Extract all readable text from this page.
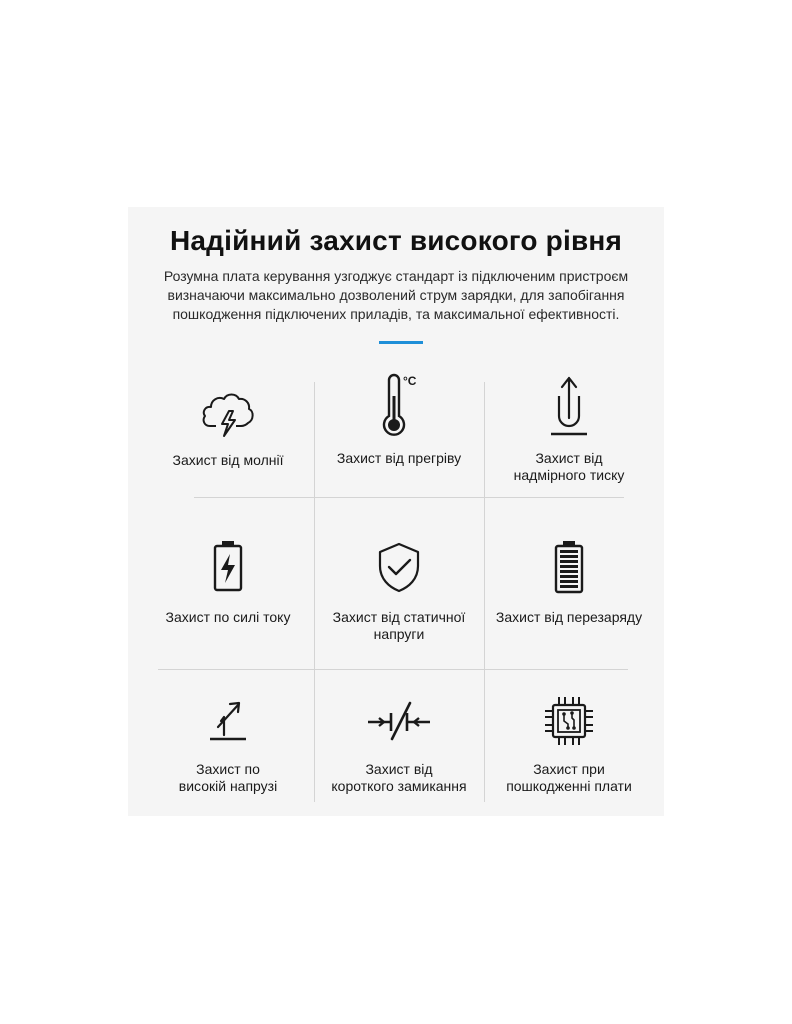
Надійний захист високого рівня
Розумна плата керування узгоджує стандарт із підключеним пристроєм
визначаючи максимально дозволений струм зарядки, для запобігання
пошкодження підключених приладів, та максимальної ефективності.
Захист від молнії
°C
Захист від прегріву	Захист від
надмірного тиску
Захист по силі току	Захист від статичної
напруги
Захист від перезаряду
Захист по
високій напрузі
Захист від
короткого замикання
Захист при
пошкодженні плати
